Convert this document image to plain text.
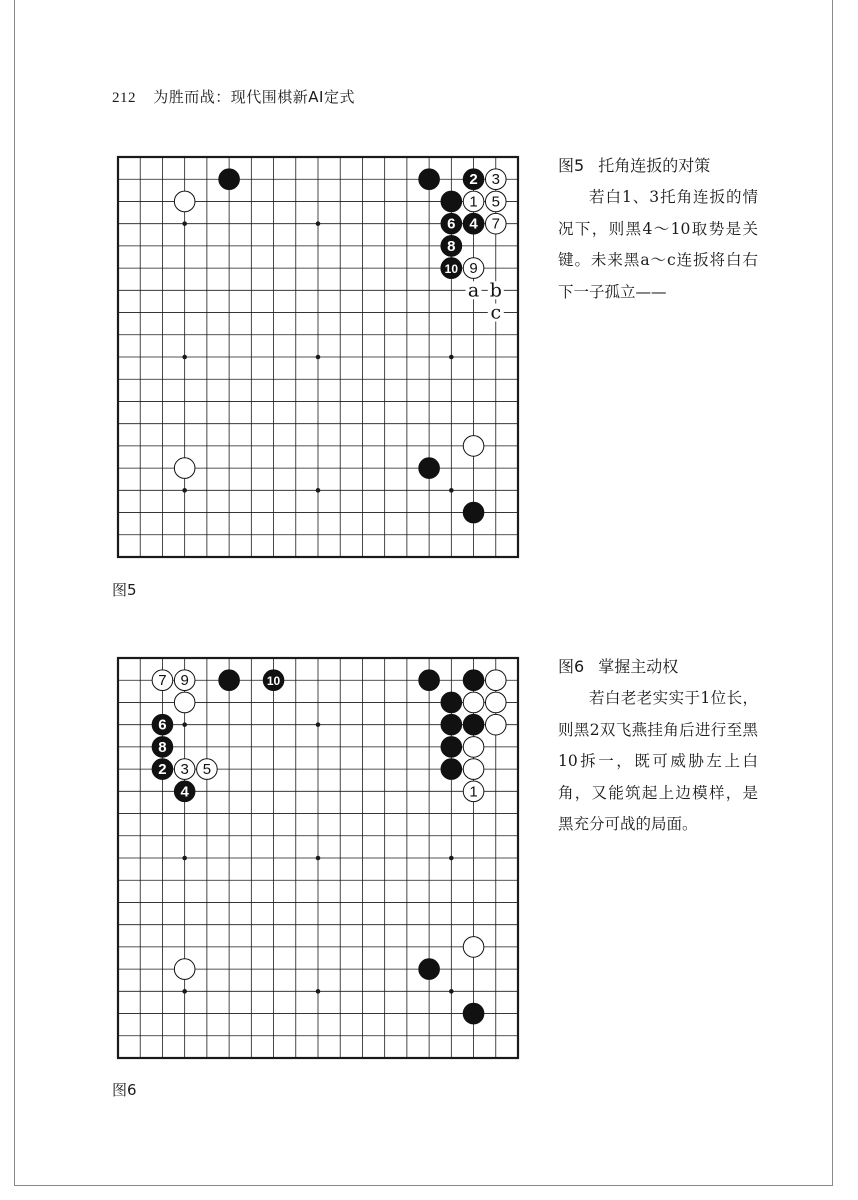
212 为胜而战：现代围棋新AI定式
2
4
6
8
10
3
1 5
7
9
a b
c
图5
图5 托角连扳的对策

若白1、3托角连扳的情况下，则黑4～10取势是关键。未来黑a～c连扳将白右下一子孤立——

6
8
2
4
10
7 9
3 5
1
图6
图6 掌握主动权

若白老老实实于1位长，则黑2双飞燕挂角后进行至黑10拆一，既可威胁左上白角，又能筑起上边模样，是黑充分可战的局面。
